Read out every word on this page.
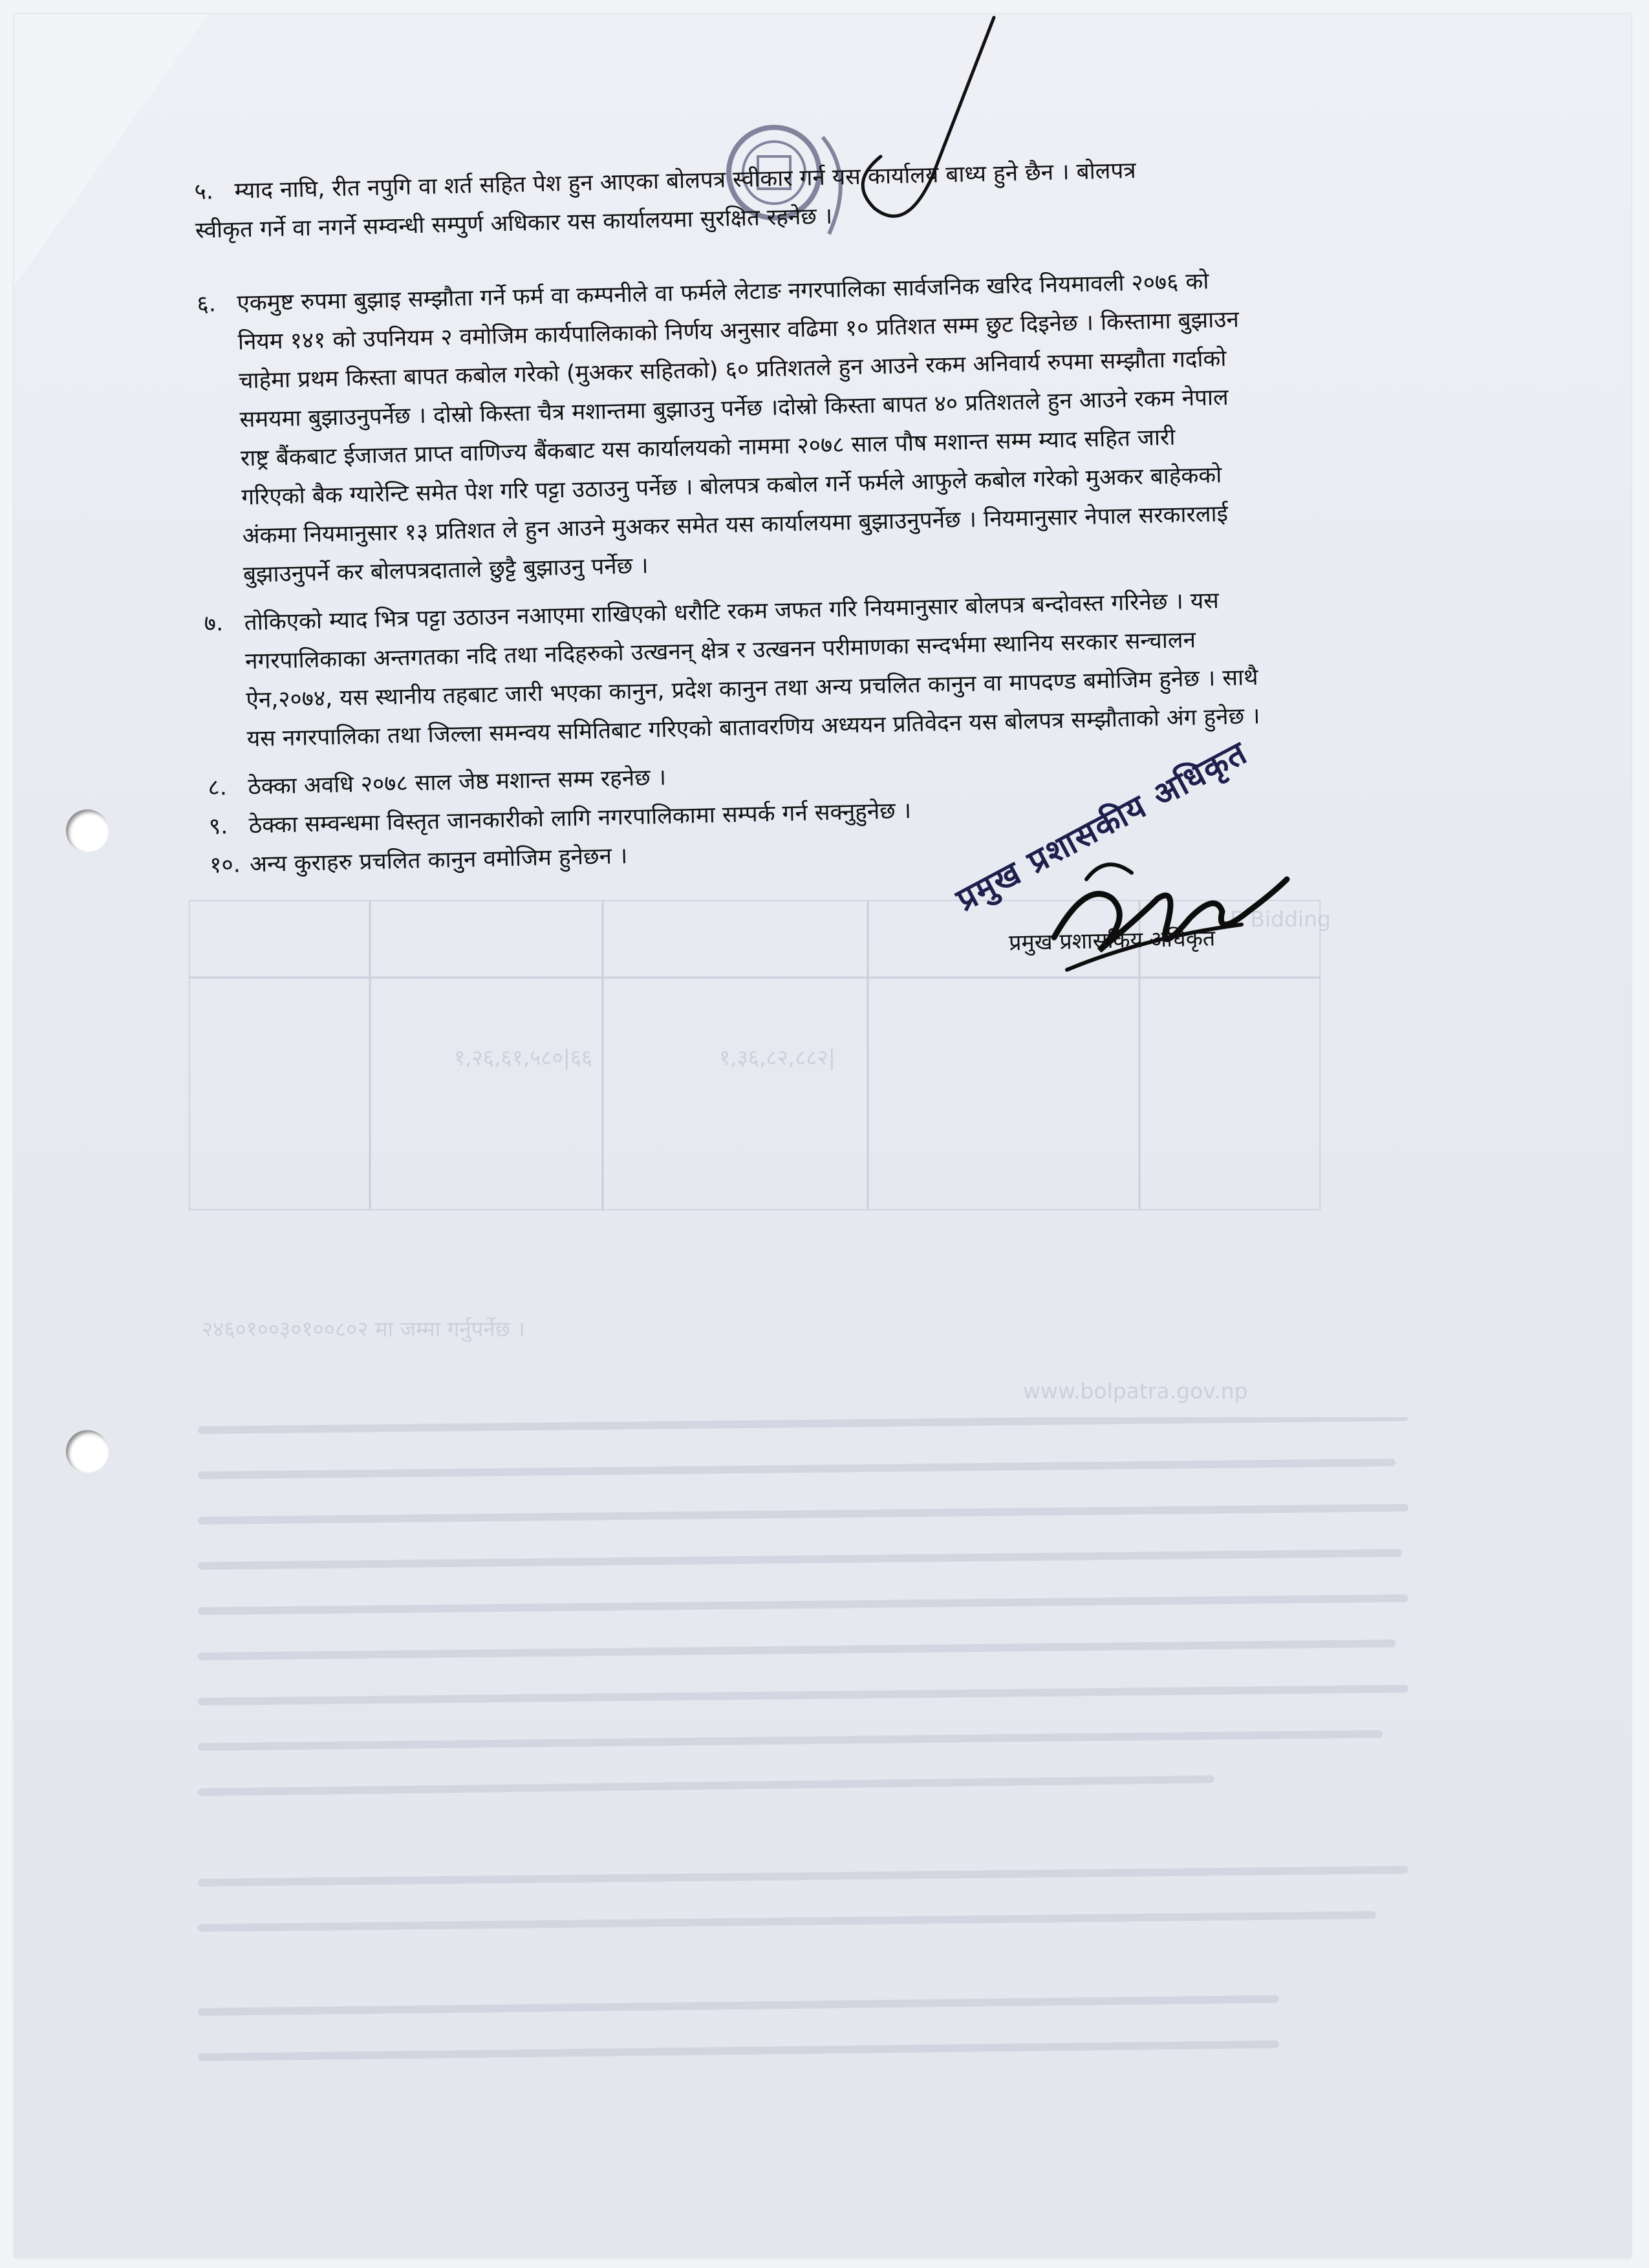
E Bidding
१,२६,६१,५८०|६६	१,३६,८२,८८२|
२४६०१००३०१००८०२ मा जम्मा गर्नुपर्नेछ ।
www.bolpatra.gov.np
५. म्याद नाघि, रीत नपुगि वा शर्त सहित पेश हुन आएका बोलपत्र स्वीकार गर्न यस कार्यालय बाध्य हुने छैन । बोलपत्र
स्वीकृत गर्ने वा नगर्ने सम्वन्धी सम्पुर्ण अधिकार यस कार्यालयमा सुरक्षित रहनेछ ।
६. एकमुष्ट रुपमा बुझाइ सम्झौता गर्ने फर्म वा कम्पनीले वा फर्मले लेटाङ नगरपालिका सार्वजनिक खरिद नियमावली २०७६ को
नियम १४१ को उपनियम २ वमोजिम कार्यपालिकाको निर्णय अनुसार वढिमा १० प्रतिशत सम्म छुट दिइनेछ । किस्तामा बुझाउन
चाहेमा प्रथम किस्ता बापत कबोल गरेको (मुअकर सहितको) ६० प्रतिशतले हुन आउने रकम अनिवार्य रुपमा सम्झौता गर्दाको
समयमा बुझाउनुपर्नेछ । दोस्रो किस्ता चैत्र मशान्तमा बुझाउनु पर्नेछ ।दोस्रो किस्ता बापत ४० प्रतिशतले हुन आउने रकम नेपाल
राष्ट्र बैंकबाट ईजाजत प्राप्त वाणिज्य बैंकबाट यस कार्यालयको नाममा २०७८ साल पौष मशान्त सम्म म्याद सहित जारी
गरिएको बैक ग्यारेन्टि समेत पेश गरि पट्टा उठाउनु पर्नेछ । बोलपत्र कबोल गर्ने फर्मले आफुले कबोल गरेको मुअकर बाहेकको
अंकमा नियमानुसार १३ प्रतिशत ले हुन आउने मुअकर समेत यस कार्यालयमा बुझाउनुपर्नेछ । नियमानुसार नेपाल सरकारलाई
बुझाउनुपर्ने कर बोलपत्रदाताले छुट्टै बुझाउनु पर्नेछ ।
७. तोकिएको म्याद भित्र पट्टा उठाउन नआएमा राखिएको धरौटि रकम जफत गरि नियमानुसार बोलपत्र बन्दोवस्त गरिनेछ । यस
नगरपालिकाका अन्तगतका नदि तथा नदिहरुको उत्खनन् क्षेत्र र उत्खनन परीमाणका सन्दर्भमा स्थानिय सरकार सन्चालन
ऐन,२०७४, यस स्थानीय तहबाट जारी भएका कानुन, प्रदेश कानुन तथा अन्य प्रचलित कानुन वा मापदण्ड बमोजिम हुनेछ । साथै
यस नगरपालिका तथा जिल्ला समन्वय समितिबाट गरिएको बातावरणिय अध्ययन प्रतिवेदन यस बोलपत्र सम्झौताको अंग हुनेछ ।
८. ठेक्का अवधि २०७८ साल जेष्ठ मशान्त सम्म रहनेछ ।
९. ठेक्का सम्वन्धमा विस्तृत जानकारीको लागि नगरपालिकामा सम्पर्क गर्न सक्नुहुनेछ ।
१०. अन्य कुराहरु प्रचलित कानुन वमोजिम हुनेछन ।	प्रमुख प्रशासकीय अधिकृत
प्रमुख प्रशासकिय अधिकृत
